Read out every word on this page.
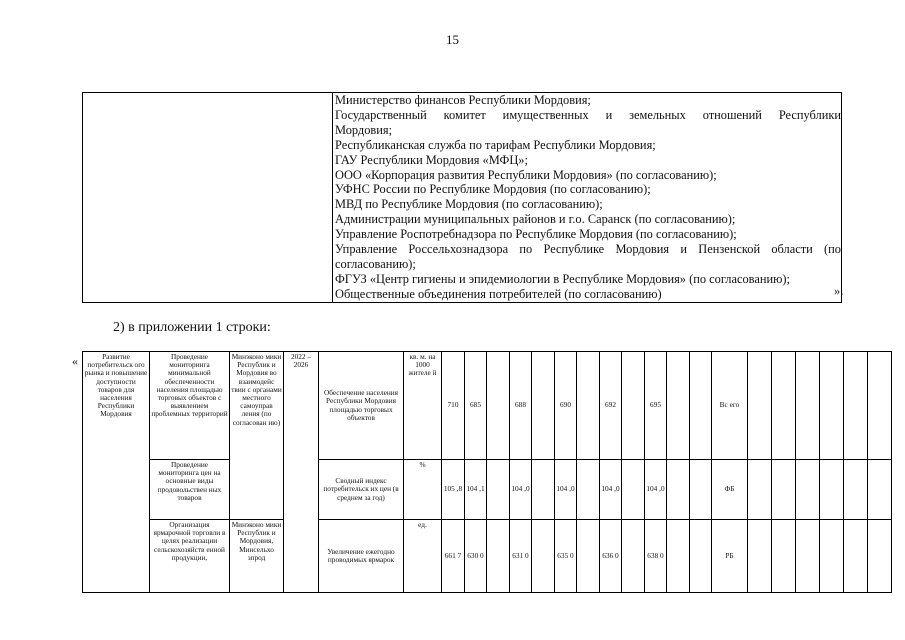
15

Министерство финансов Республики Мордовия;
Государственный комитет имущественных и земельных отношений Республики
Мордовия;
Республиканская служба по тарифам Республики Мордовия;
ГАУ Республики Мордовия «МФЦ»;
ООО «Корпорация развития Республики Мордовия» (по согласованию);
УФНС России по Республике Мордовия (по согласованию);
МВД по Республике Мордовия (по согласованию);
Администрации муниципальных районов и г.о. Саранск (по согласованию);
Управление Роспотребнадзора по Республике Мордовия (по согласованию);
Управление Россельхознадзора по Республике Мордовия и Пензенской области (по
согласованию);
ФГУЗ «Центр гигиены и эпидемиологии в Республике Мордовия» (по согласованию);
Общественные объединения потребителей (по согласованию)	».
2) в приложении 1 строки:
«	Развитие потребительск ого рынка и повышение доступности товаров для населения Республики Мордовия	Проведение мониторинга минимальной обеспеченности населения площадью торговых объектов с выявлением проблемных территорий	Минэконо мики Республик и Мордовия во взаимодейс твии с органами местного самоуправ ления (по согласован ию)	2022 – 2026	Обеспечение населения Республики Мордовия площадью торговых объектов	кв. м. на 1000 жителе й	710	685		688		690		692		695			Вс его						
	Проведение мониторинга цен на основные виды продовольствен ных товаров			Сводный индекс потребительск их цен (в среднем за год)	%	105 ,8	104 ,1		104 ,0		104 ,0		104 ,0		104 ,0			ФБ						
	Организация ярмарочной торговли в целях реализации сельскохозяйств енной продукции,	Минэконо мики Республик и Мордовия, Минсельхо зпрод		Увеличение ежегодно проводимых ярмарок	ед.	661 7	630 0		631 0		635 0		636 0		638 0			РБ						
